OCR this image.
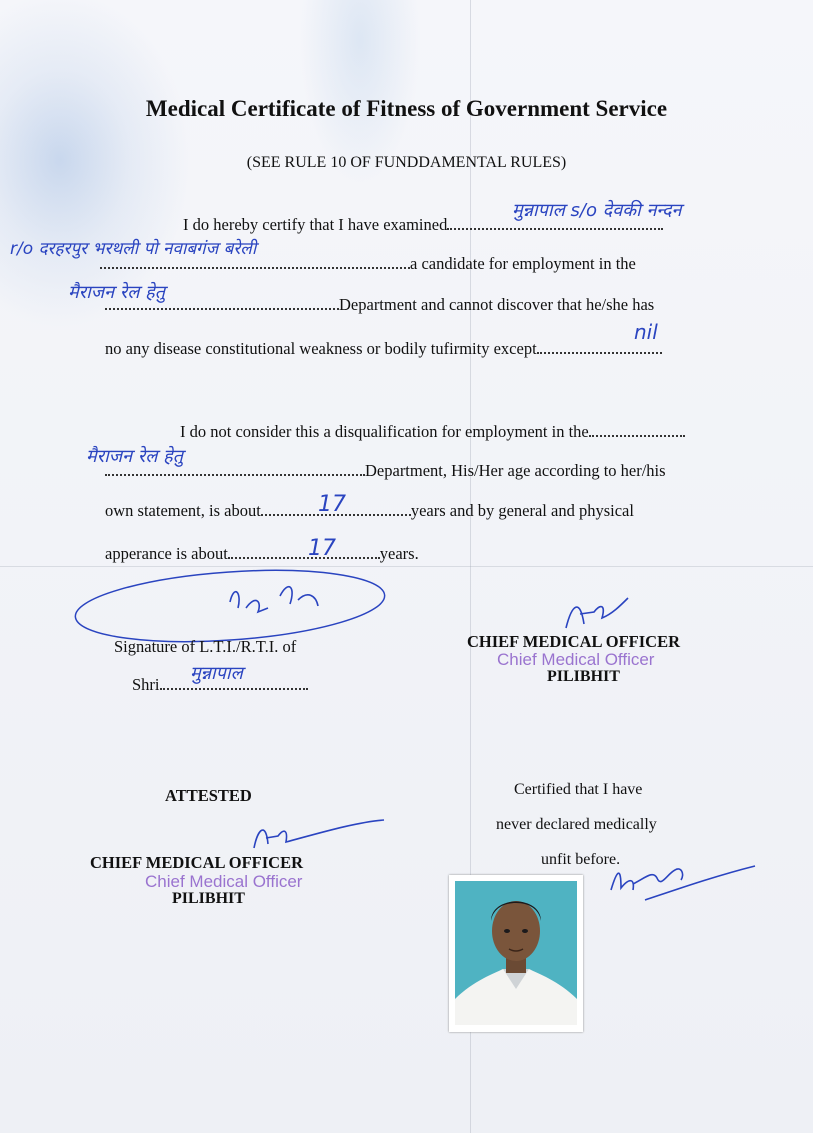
Medical Certificate of Fitness of Government Service
(SEE RULE 10 OF FUNDDAMENTAL RULES)
I do hereby certify that I have examined
मुन्नापाल s/o देवकी नन्दन
a candidate for employment in the
r/o दरहरपुर भरथली पो नवाबगंज बरेली
Department and cannot discover that he/she has
मैराजन रेल हेतु
no any disease constitutional weakness or bodily tufirmity except
nil
I do not consider this a disqualification for employment in the
Department, His/Her age according to her/his
मैराजन रेल हेतु
own statement, is about	years and by general and physical
17
apperance is about	years.
17
Signature of L.T.I./R.T.I. of
Shri
मुन्नापाल
CHIEF MEDICAL OFFICER
Chief Medical Officer
PILIBHIT
ATTESTED
CHIEF MEDICAL OFFICER
Chief Medical Officer
PILIBHIT
Certified that I have
never declared medically
unfit before.
